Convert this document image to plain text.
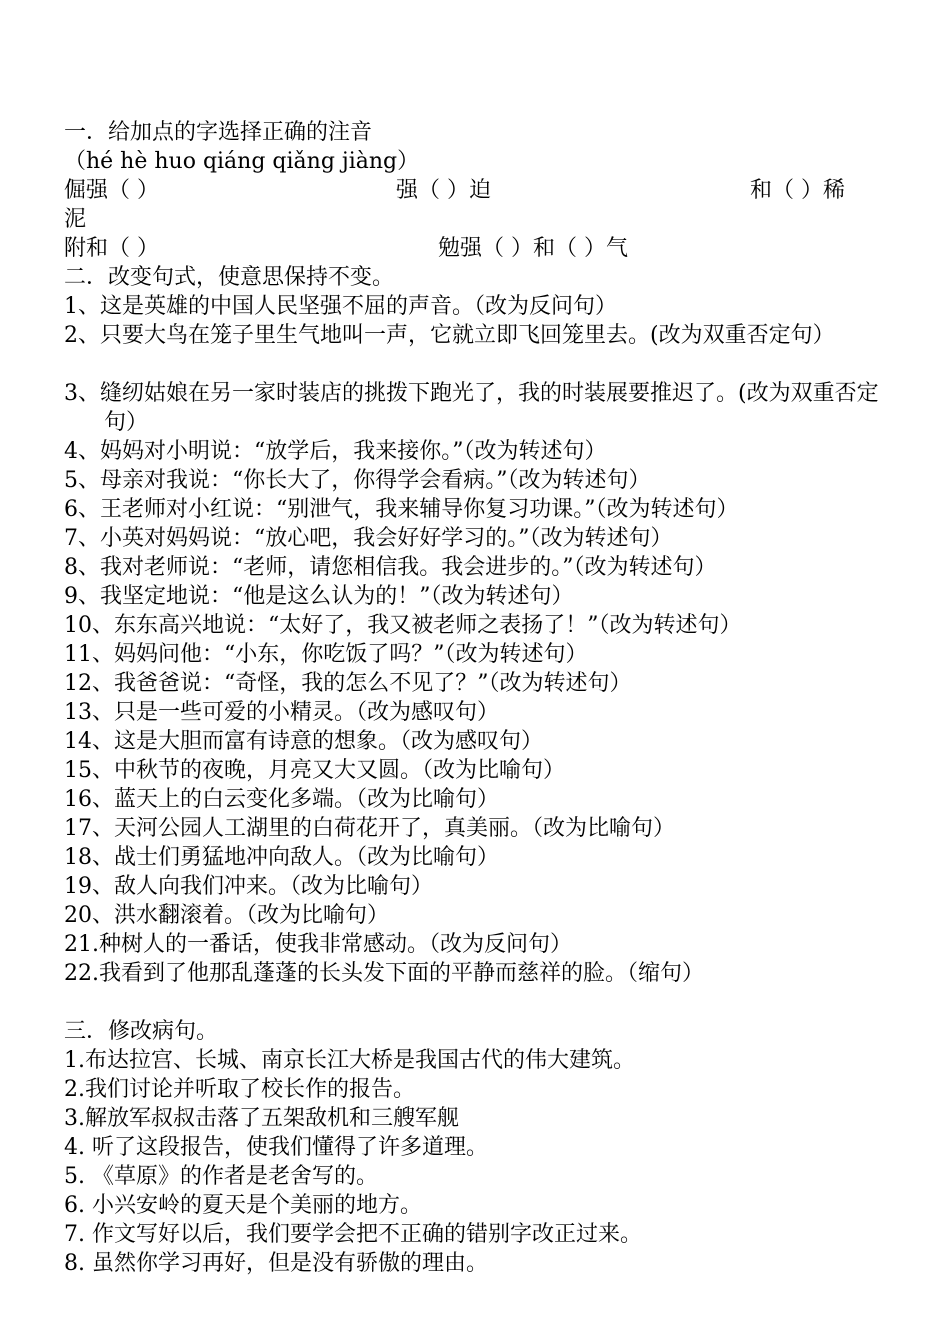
一．给加点的字选择正确的注音
（hé hè huo qiáng qiǎng jiàng）
倔强（ ）	强（ ）迫	和（ ）稀
泥
附和（ ）	勉强（ ）和（ ）气
二．改变句式，使意思保持不变。
1、这是英雄的中国人民坚强不屈的声音。（改为反问句）
2、只要大鸟在笼子里生气地叫一声，它就立即飞回笼里去。(改为双重否定句）
3、缝纫姑娘在另一家时装店的挑拨下跑光了，我的时装展要推迟了。(改为双重否定句）
4、妈妈对小明说：“放学后，我来接你。”（改为转述句）
5、母亲对我说：“你长大了，你得学会看病。”（改为转述句）
6、王老师对小红说：“别泄气，我来辅导你复习功课。”（改为转述句）
7、小英对妈妈说：“放心吧，我会好好学习的。”（改为转述句）
8、我对老师说：“老师，请您相信我。我会进步的。”（改为转述句）
9、我坚定地说：“他是这么认为的！”（改为转述句）
10、东东高兴地说：“太好了，我又被老师之表扬了！”（改为转述句）
11、妈妈问他：“小东，你吃饭了吗？”（改为转述句）
12、我爸爸说：“奇怪，我的怎么不见了？”（改为转述句）
13、只是一些可爱的小精灵。（改为感叹句）
14、这是大胆而富有诗意的想象。（改为感叹句）
15、中秋节的夜晚，月亮又大又圆。（改为比喻句）
16、蓝天上的白云变化多端。（改为比喻句）
17、天河公园人工湖里的白荷花开了，真美丽。（改为比喻句）
18、战士们勇猛地冲向敌人。（改为比喻句）
19、敌人向我们冲来。（改为比喻句）
20、洪水翻滚着。（改为比喻句）
21.种树人的一番话，使我非常感动。（改为反问句）
22.我看到了他那乱蓬蓬的长头发下面的平静而慈祥的脸。（缩句）
三．修改病句。
1.布达拉宫、长城、南京长江大桥是我国古代的伟大建筑。
2.我们讨论并听取了校长作的报告。
3.解放军叔叔击落了五架敌机和三艘军舰
4. 听了这段报告，使我们懂得了许多道理。
5. 《草原》的作者是老舍写的。
6. 小兴安岭的夏天是个美丽的地方。
7. 作文写好以后，我们要学会把不正确的错别字改正过来。
8. 虽然你学习再好，但是没有骄傲的理由。
